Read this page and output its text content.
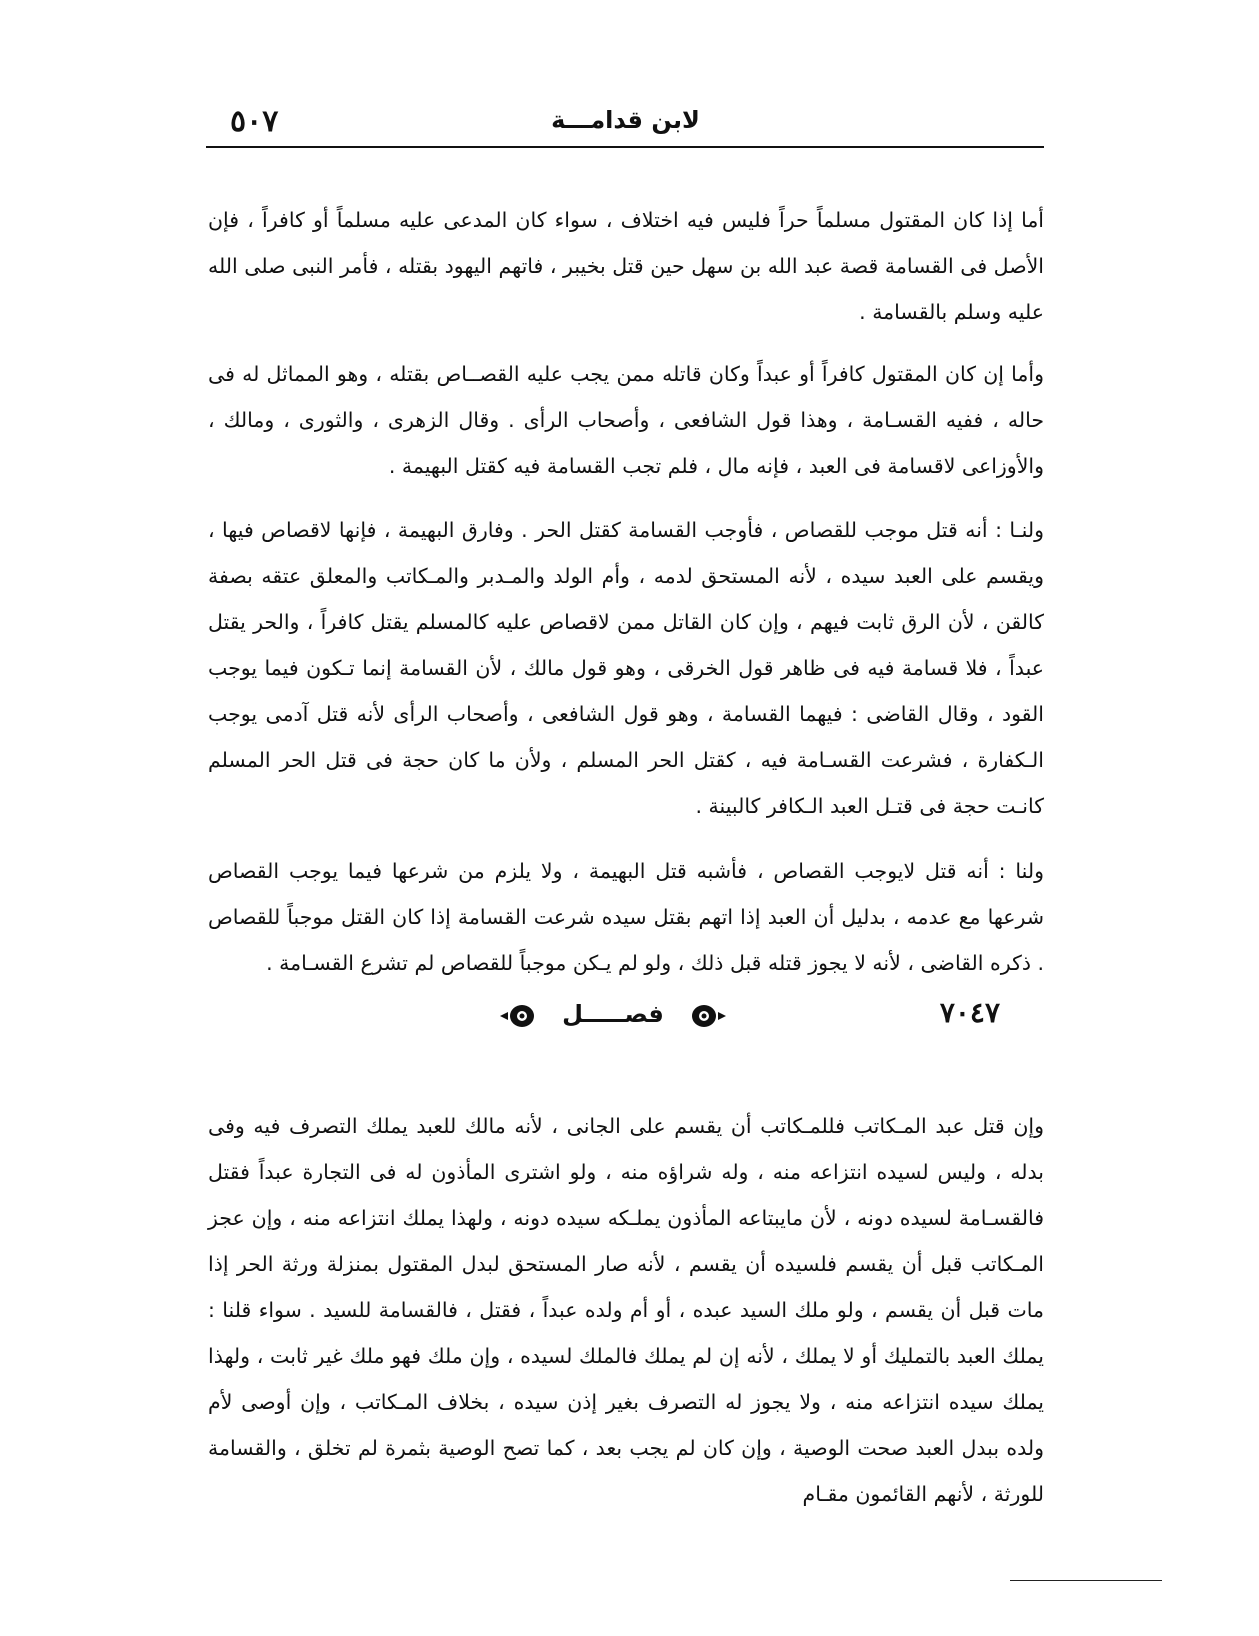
٥٠٧	لابن قدامـــة

أما إذا كان المقتول مسلماً حراً فليس فيه اختلاف ، سواء كان المدعى عليه مسلماً أو كافراً ، فإن الأصل فى القسامة قصة عبد الله بن سهل حين قتل بخيبر ، فاتهم اليهود بقتله ، فأمر النبى صلى الله عليه وسلم بالقسامة .

وأما إن كان المقتول كافراً أو عبداً وكان قاتله ممن يجب عليه القصــاص بقتله ، وهو المماثل له فى حاله ، ففيه القسـامة ، وهذا قول الشافعى ، وأصحاب الرأى . وقال الزهرى ، والثورى ، ومالك ، والأوزاعى لاقسامة فى العبد ، فإنه مال ، فلم تجب القسامة فيه كقتل البهيمة .

ولنـا : أنه قتل موجب للقصاص ، فأوجب القسامة كقتل الحر . وفارق البهيمة ، فإنها لاقصاص فيها ، ويقسم على العبد سيده ، لأنه المستحق لدمه ، وأم الولد والمـدبر والمـكاتب والمعلق عتقه بصفة كالقن ، لأن الرق ثابت فيهم ، وإن كان القاتل ممن لاقصاص عليه كالمسلم يقتل كافراً ، والحر يقتل عبداً ، فلا قسامة فيه فى ظاهر قول الخرقى ، وهو قول مالك ، لأن القسامة إنما تـكون فيما يوجب القود ، وقال القاضى : فيهما القسامة ، وهو قول الشافعى ، وأصحاب الرأى لأنه قتل آدمى يوجب الـكفارة ، فشرعت القسـامة فيه ، كقتل الحر المسلم ، ولأن ما كان حجة فى قتل الحر المسلم كانـت حجة فى قتـل العبد الـكافر كالبينة .

ولنا : أنه قتل لايوجب القصاص ، فأشبه قتل البهيمة ، ولا يلزم من شرعها فيما يوجب القصاص شرعها مع عدمه ، بدليل أن العبد إذا اتهم بقتل سيده شرعت القسامة إذا كان القتل موجباً للقصاص . ذكره القاضى ، لأنه لا يجوز قتله قبل ذلك ، ولو لم يـكن موجباً للقصاص لم تشرع القسـامة .

٧٠٤٧
فصـــــل

وإن قتل عبد المـكاتب فللمـكاتب أن يقسم على الجانى ، لأنه مالك للعبد يملك التصرف فيه وفى بدله ، وليس لسيده انتزاعه منه ، وله شراؤه منه ، ولو اشترى المأذون له فى التجارة عبداً فقتل فالقسـامة لسيده دونه ، لأن مايبتاعه المأذون يملـكه سيده دونه ، ولهذا يملك انتزاعه منه ، وإن عجز المـكاتب قبل أن يقسم فلسيده أن يقسم ، لأنه صار المستحق لبدل المقتول بمنزلة ورثة الحر إذا مات قبل أن يقسم ، ولو ملك السيد عبده ، أو أم ولده عبداً ، فقتل ، فالقسامة للسيد . سواء قلنا : يملك العبد بالتمليك أو لا يملك ، لأنه إن لم يملك فالملك لسيده ، وإن ملك فهو ملك غير ثابت ، ولهذا يملك سيده انتزاعه منه ، ولا يجوز له التصرف بغير إذن سيده ، بخلاف المـكاتب ، وإن أوصى لأم ولده ببدل العبد صحت الوصية ، وإن كان لم يجب بعد ، كما تصح الوصية بثمرة لم تخلق ، والقسامة للورثة ، لأنهم القائمون مقـام
